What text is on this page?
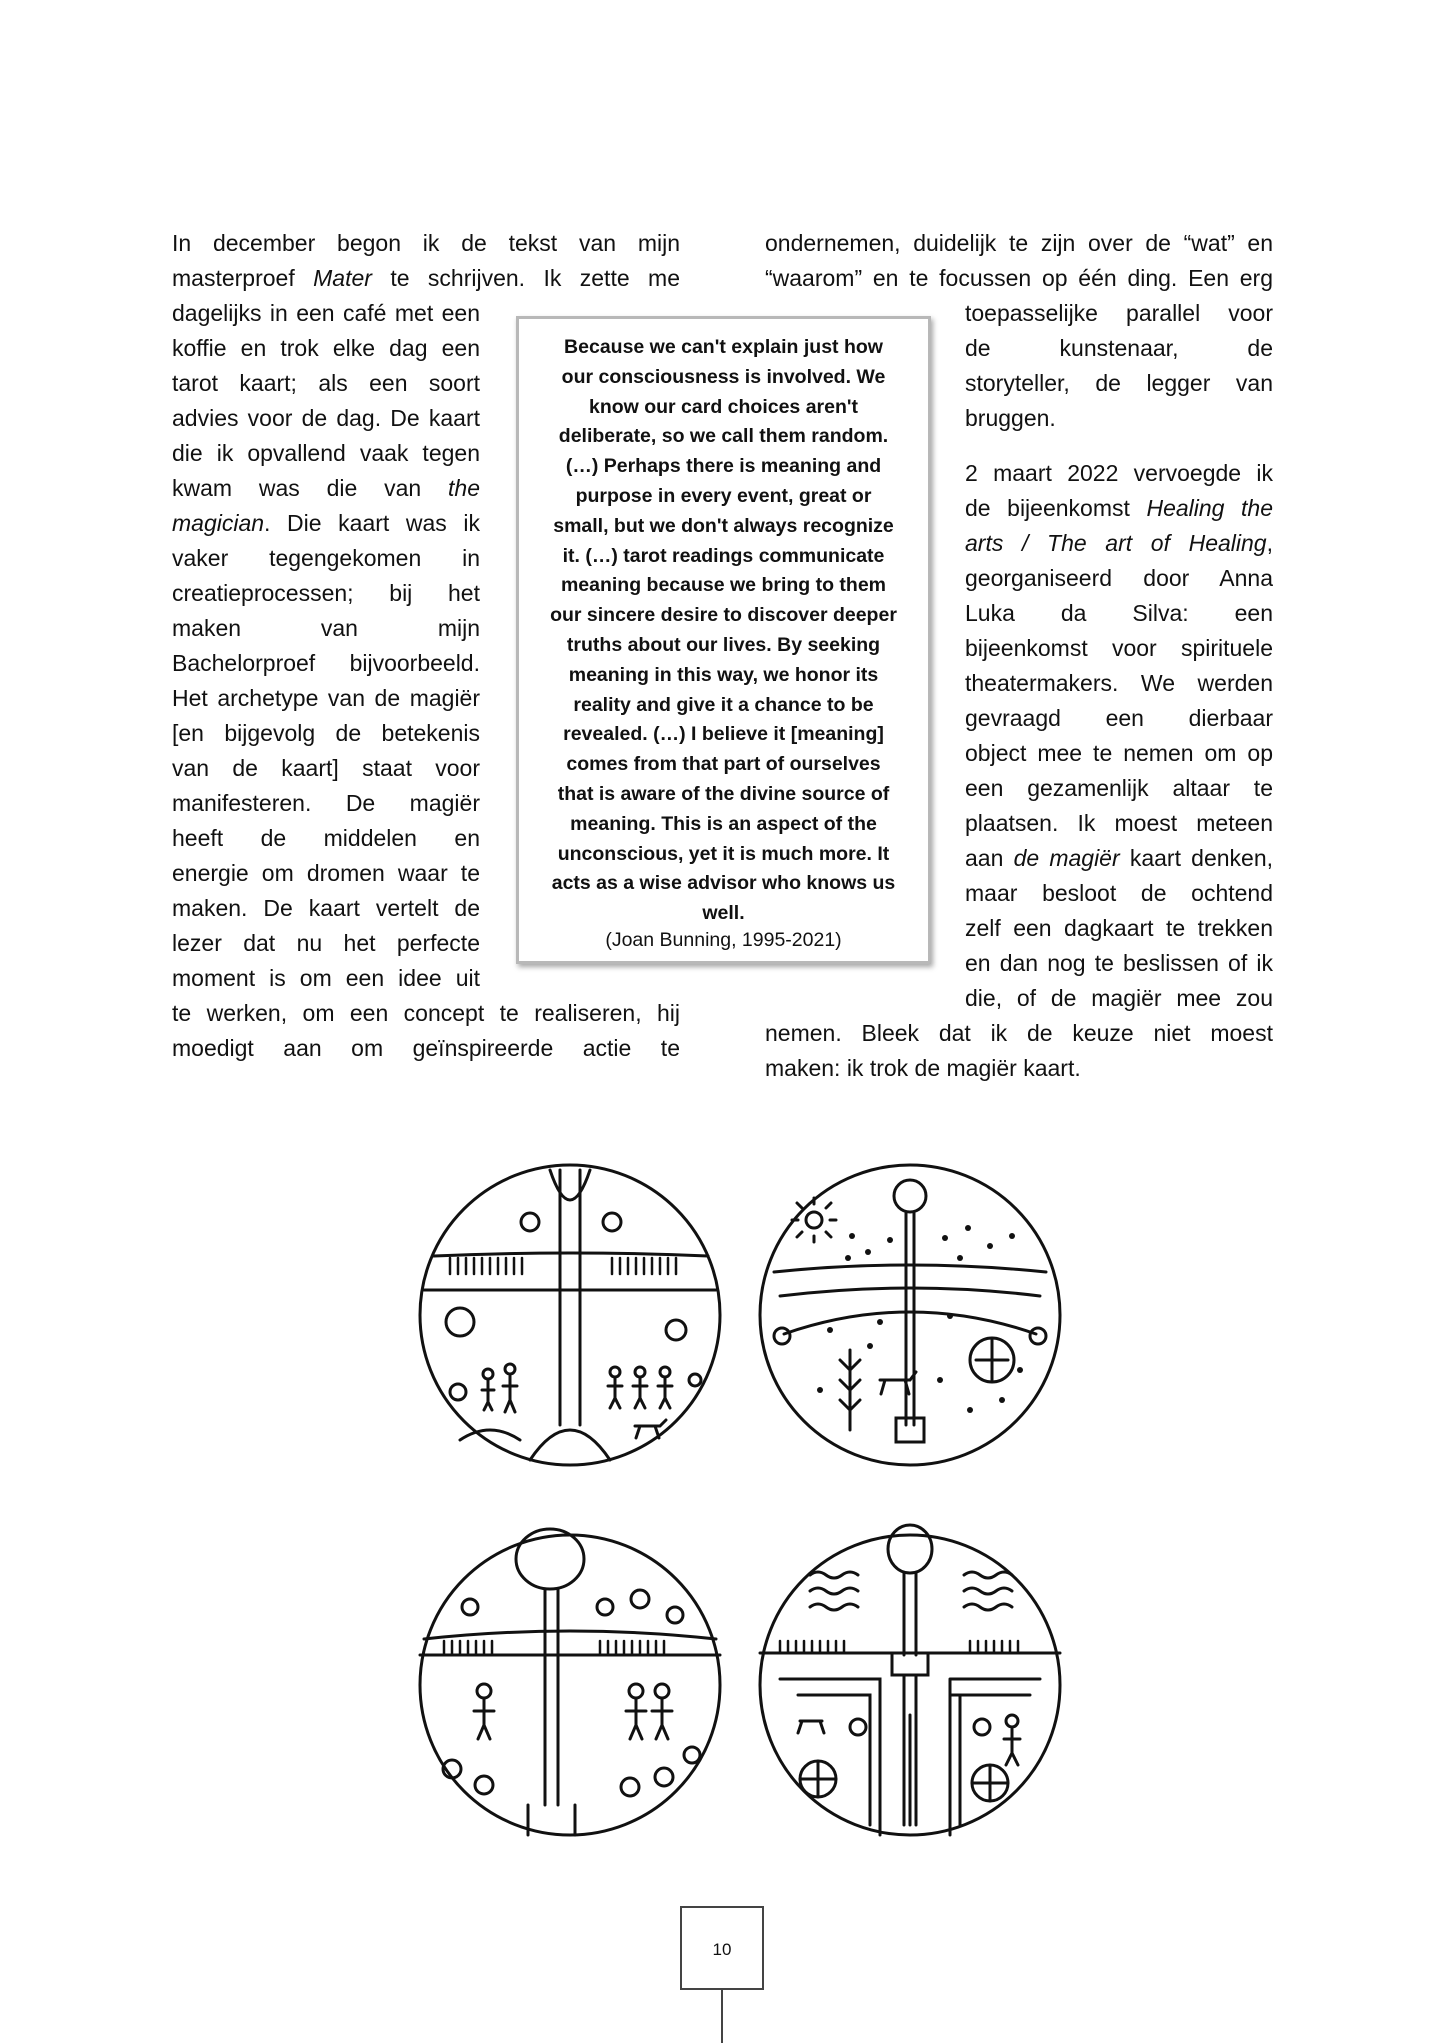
In december begon ik de tekst van mijn
masterproef Mater te schrijven. Ik zette me
dagelijks in een café met een
koffie en trok elke dag een
tarot kaart; als een soort
advies voor de dag. De kaart
die ik opvallend vaak tegen
kwam was die van the
magician. Die kaart was ik
vaker tegengekomen in
creatieprocessen; bij het
maken van mijn
Bachelorproef bijvoorbeeld.
Het archetype van de magiër
[en bijgevolg de betekenis
van de kaart] staat voor
manifesteren. De magiër
heeft de middelen en
energie om dromen waar te
maken. De kaart vertelt de
lezer dat nu het perfecte
moment is om een idee uit
te werken, om een concept te realiseren, hij
moedigt aan om geïnspireerde actie te
ondernemen, duidelijk te zijn over de “wat” en
“waarom” en te focussen op één ding. Een erg
toepasselijke parallel voor
de kunstenaar, de
storyteller, de legger van
bruggen.
2 maart 2022 vervoegde ik
de bijeenkomst Healing the
arts / The art of Healing,
georganiseerd door Anna
Luka da Silva: een
bijeenkomst voor spirituele
theatermakers. We werden
gevraagd een dierbaar
object mee te nemen om op
een gezamenlijk altaar te
plaatsen. Ik moest meteen
aan de magiër kaart denken,
maar besloot de ochtend
zelf een dagkaart te trekken
en dan nog te beslissen of ik
die, of de magiër mee zou
nemen. Bleek dat ik de keuze niet moest
maken: ik trok de magiër kaart.
Because we can't explain just how
our consciousness is involved. We
know our card choices aren't
deliberate, so we call them random.
(…) Perhaps there is meaning and
purpose in every event, great or
small, but we don't always recognize
it. (…) tarot readings communicate
meaning because we bring to them
our sincere desire to discover deeper
truths about our lives. By seeking
meaning in this way, we honor its
reality and give it a chance to be
revealed. (…) I believe it [meaning]
comes from that part of ourselves
that is aware of the divine source of
meaning. This is an aspect of the
unconscious, yet it is much more. It
acts as a wise advisor who knows us
well.
(Joan Bunning, 1995-2021)
10
